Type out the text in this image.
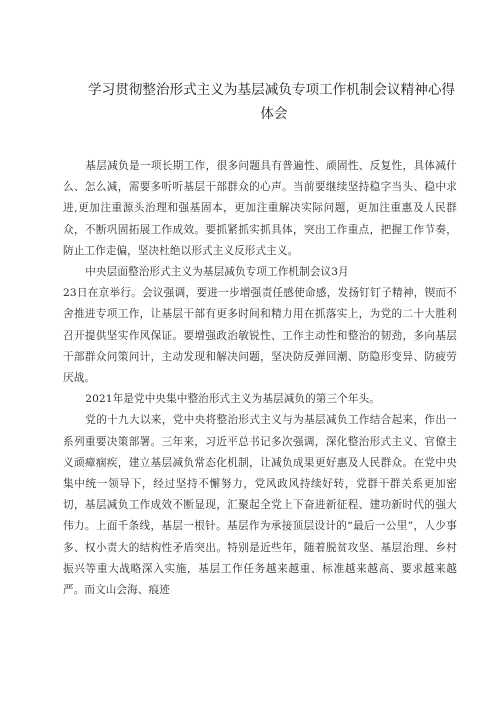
学习贯彻整治形式主义为基层减负专项工作机制会议精神心得
体会

基层减负是一项长期工作，很多问题具有普遍性、顽固性、反复性，具体减什么、怎么减，需要多听听基层干部群众的心声。当前要继续坚持稳字当头、稳中求进,更加注重源头治理和强基固本，更加注重解决实际问题，更加注重惠及人民群众，不断巩固拓展工作成效。要抓紧抓实抓具体，突出工作重点，把握工作节奏，防止工作走偏，坚决杜绝以形式主义反形式主义。

中央层面整治形式主义为基层减负专项工作机制会议3月

23日在京举行。会议强调，要进一步增强责任感使命感，发扬钉钉子精神，锲而不舍推进专项工作，让基层干部有更多时间和精力用在抓落实上，为党的二十大胜利召开提供坚实作风保证。要增强政治敏锐性、工作主动性和整治的韧劲，多向基层干部群众问策问计，主动发现和解决问题，坚决防反弹回潮、防隐形变异、防疲劳厌战。

2021年是党中央集中整治形式主义为基层减负的第三个年头。

党的十九大以来，党中央将整治形式主义与为基层减负工作结合起来，作出一系列重要决策部署。三年来，习近平总书记多次强调，深化整治形式主义、官僚主义顽瘴痼疾，建立基层减负常态化机制，让减负成果更好惠及人民群众。在党中央集中统一领导下，经过坚持不懈努力，党风政风持续好转，党群干群关系更加密切，基层减负工作成效不断显现，汇聚起全党上下奋进新征程、建功新时代的强大伟力。上面千条线，基层一根针。基层作为承接顶层设计的“最后一公里”，人少事多、权小责大的结构性矛盾突出。特别是近些年，随着脱贫攻坚、基层治理、乡村振兴等重大战略深入实施，基层工作任务越来越重、标准越来越高、要求越来越严。而文山会海、痕迹
